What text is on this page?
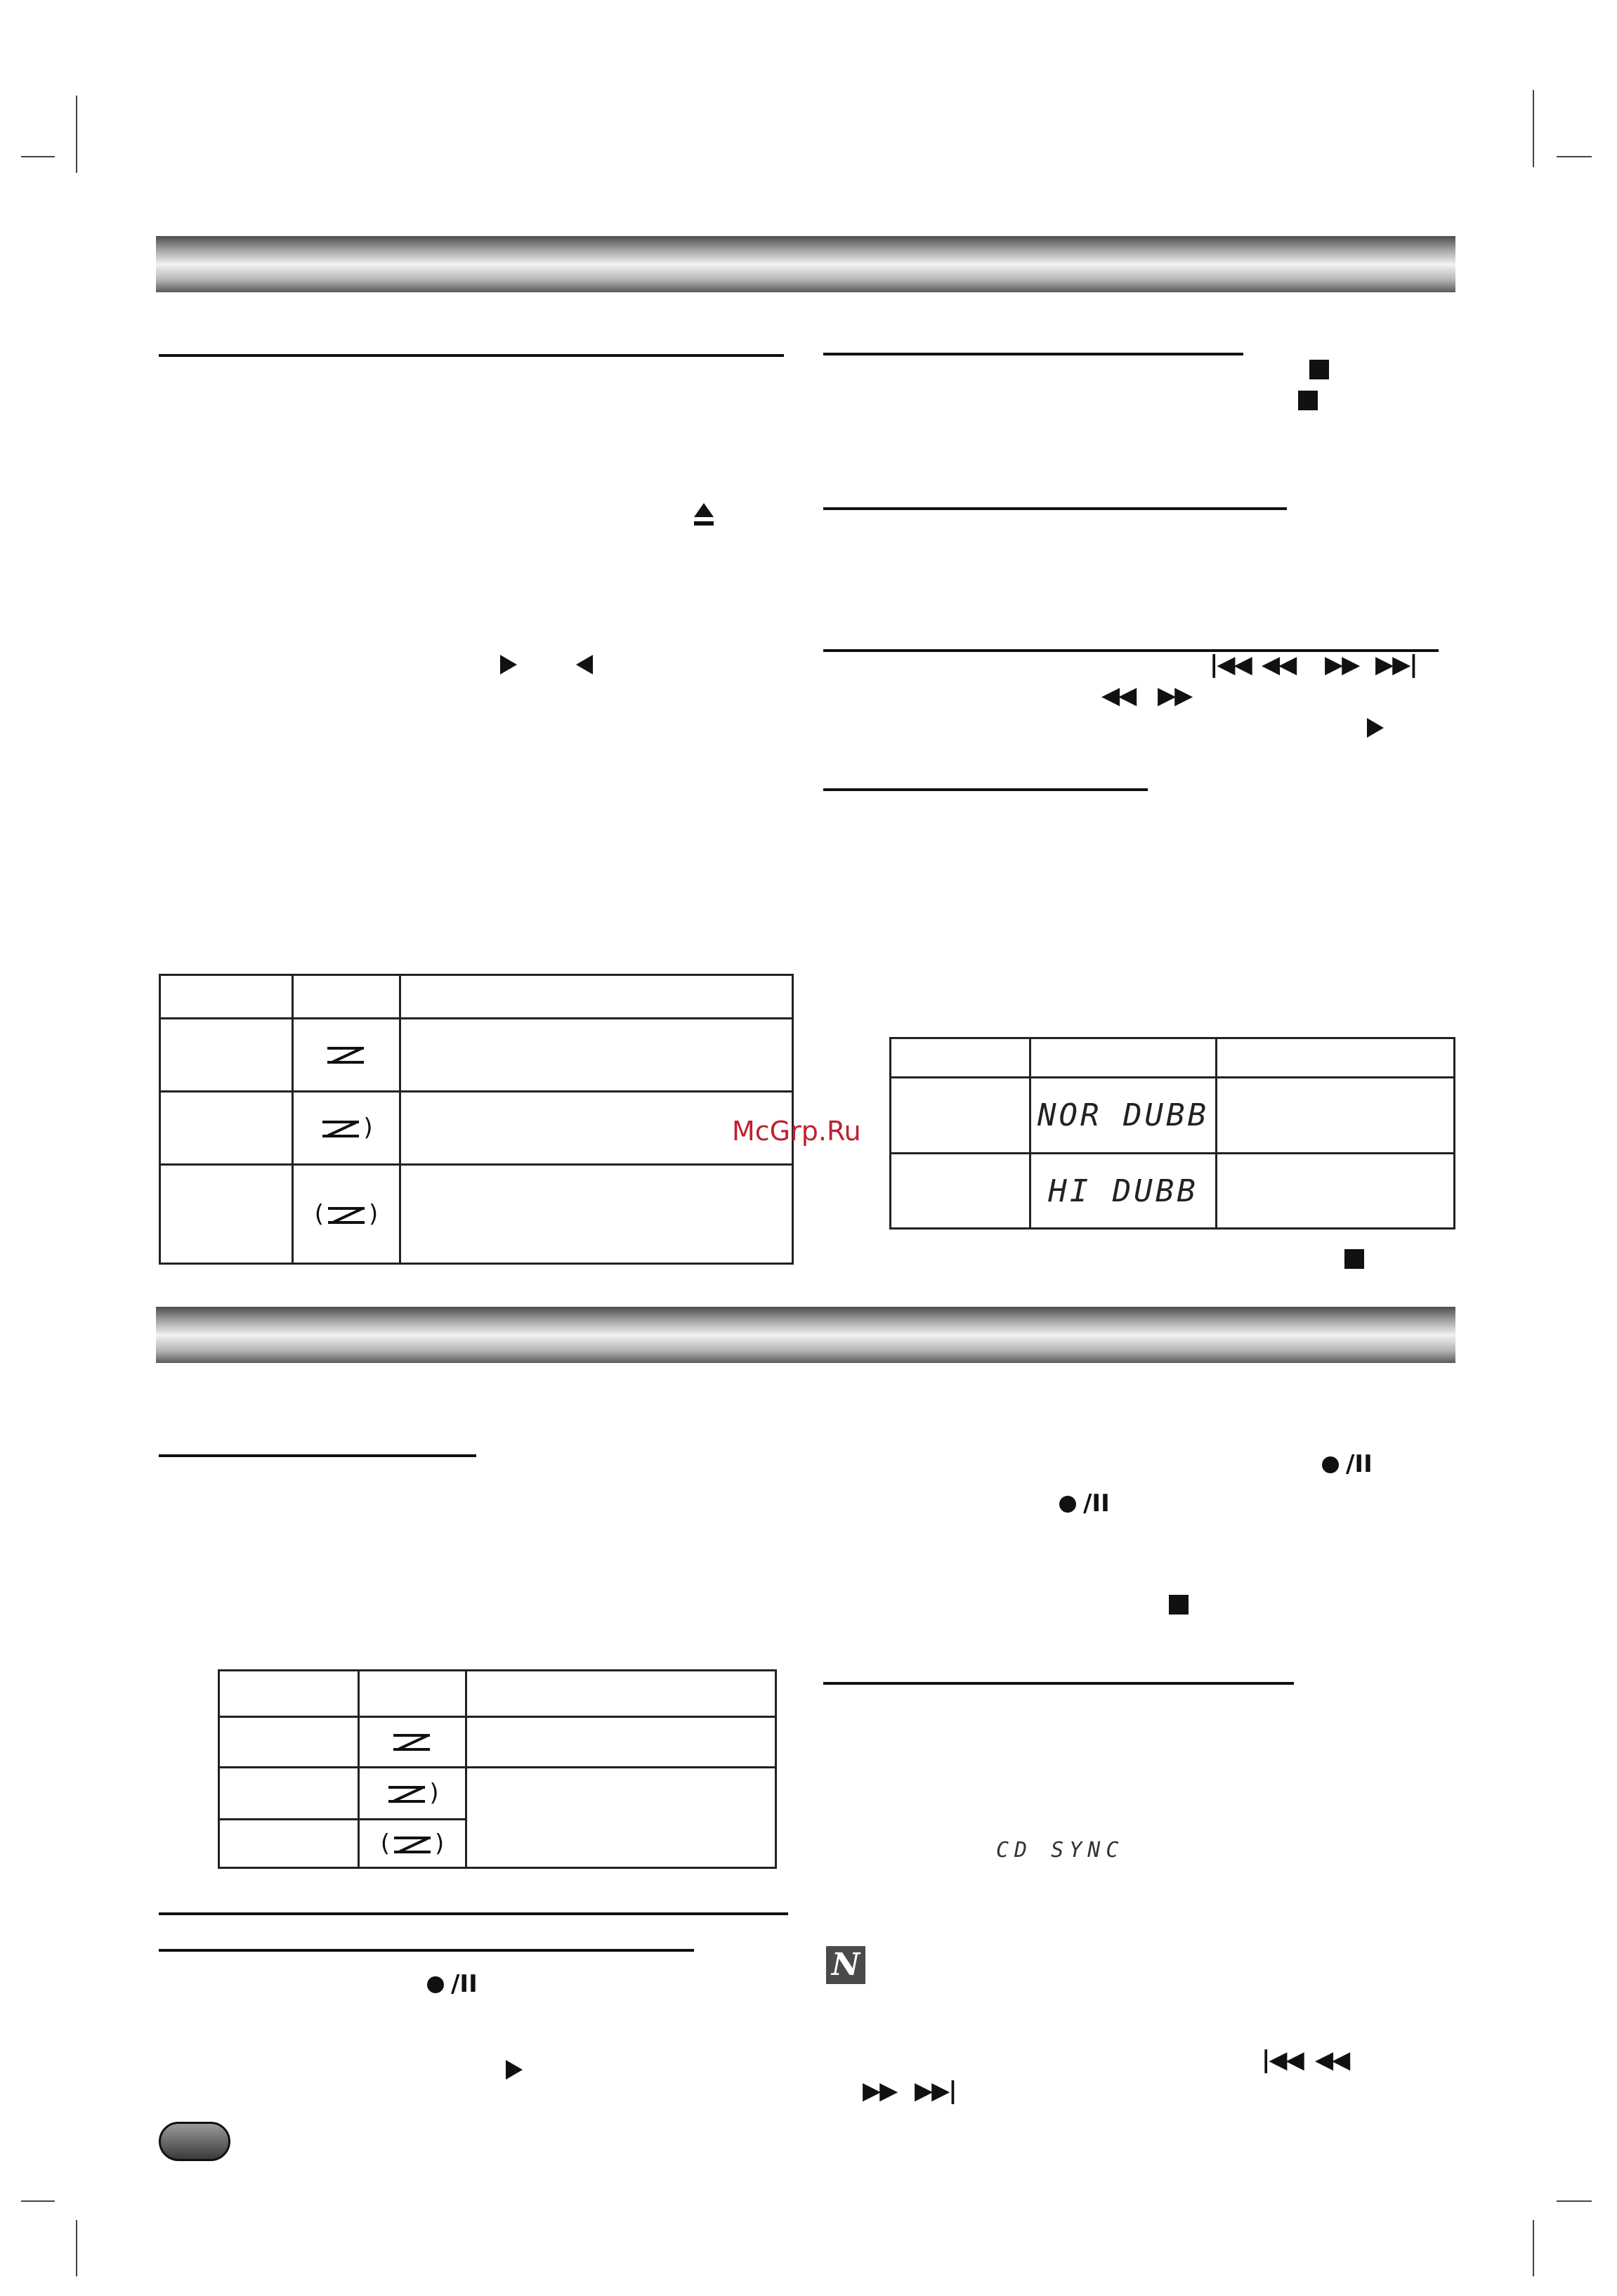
	)	

	( )	

|◀◀ ◀◀ ▶▶ ▶▶|
◀◀ ▶▶

	NOR DUBB	
	HI DUBB	
McGrp.Ru

	)	

	( )	
/II
/II
/II
CD SYNC
N
|◀◀ ◀◀
▶▶ ▶▶|
